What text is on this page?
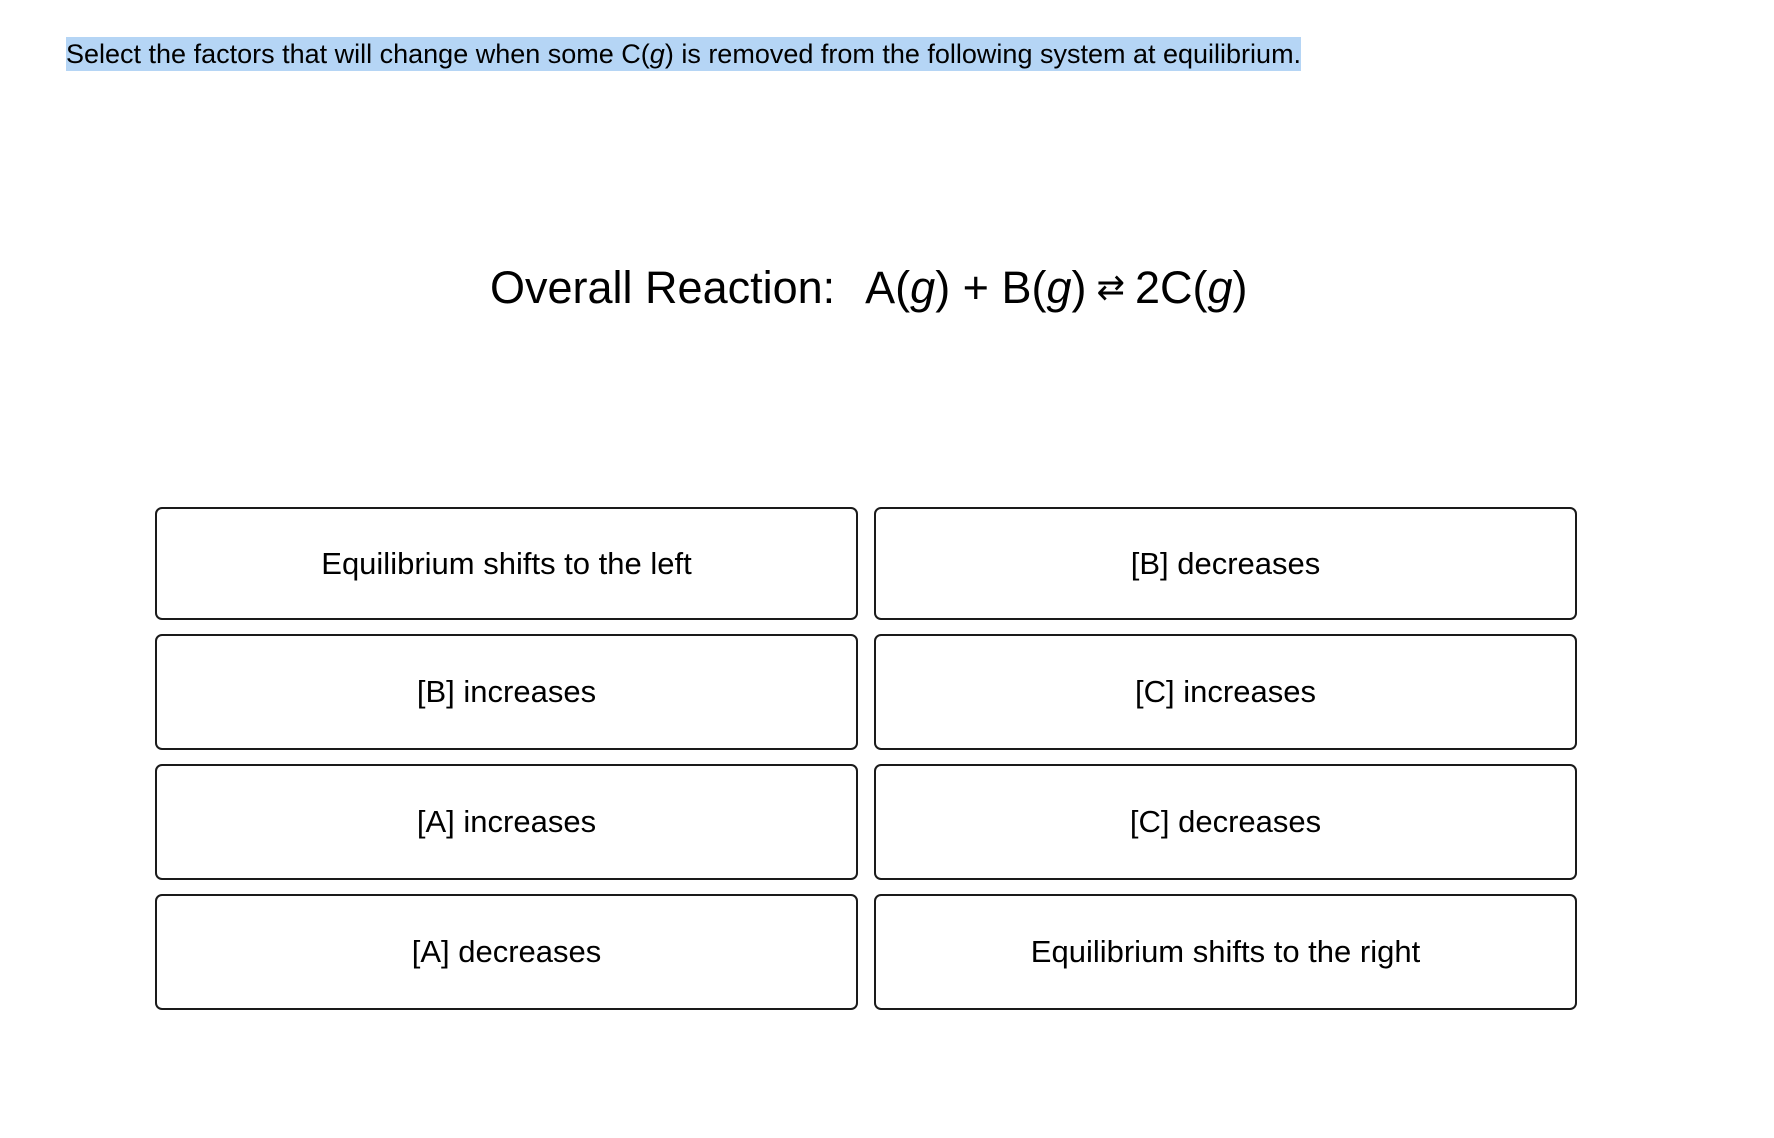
Select the factors that will change when some C(g) is removed from the following system at equilibrium.
Overall Reaction: A(g) + B(g) ⇄ 2C(g)
Equilibrium shifts to the left	[B] decreases
[B] increases	[C] increases
[A] increases	[C] decreases
[A] decreases	Equilibrium shifts to the right
